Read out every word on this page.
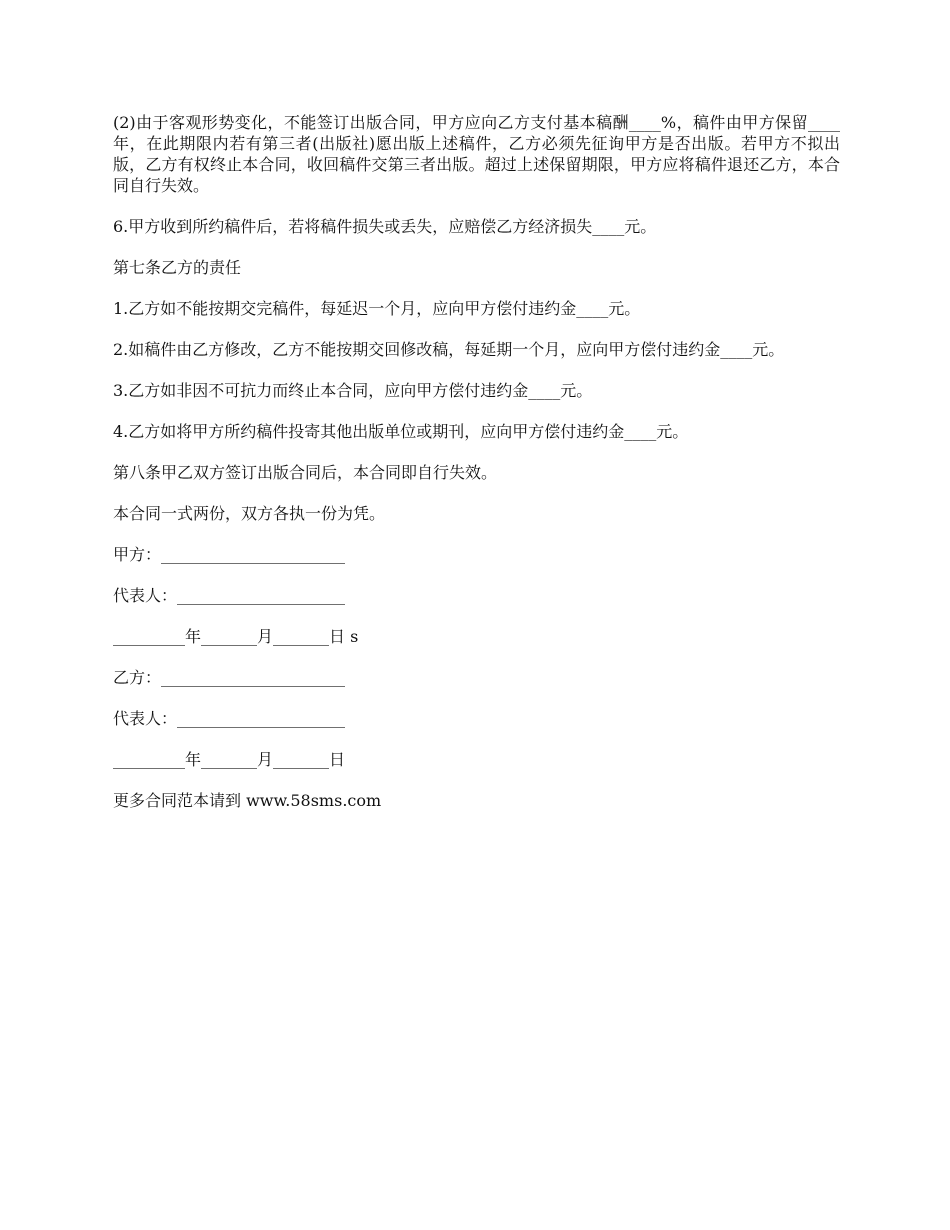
(2)由于客观形势变化，不能签订出版合同，甲方应向乙方支付基本稿酬____%，稿件由甲方保留____年，在此期限内若有第三者(出版社)愿出版上述稿件，乙方必须先征询甲方是否出版。若甲方不拟出版，乙方有权终止本合同，收回稿件交第三者出版。超过上述保留期限，甲方应将稿件退还乙方，本合同自行失效。

6.甲方收到所约稿件后，若将稿件损失或丢失，应赔偿乙方经济损失____元。

第七条乙方的责任

1.乙方如不能按期交完稿件，每延迟一个月，应向甲方偿付违约金____元。

2.如稿件由乙方修改，乙方不能按期交回修改稿，每延期一个月，应向甲方偿付违约金____元。

3.乙方如非因不可抗力而终止本合同，应向甲方偿付违约金____元。

4.乙方如将甲方所约稿件投寄其他出版单位或期刊，应向甲方偿付违约金____元。

第八条甲乙双方签订出版合同后，本合同即自行失效。

本合同一式两份，双方各执一份为凭。

甲方：_______________________

代表人：_____________________

_________年_______月_______日 s

乙方：_______________________

代表人：_____________________

_________年_______月_______日

更多合同范本请到 www.58sms.com
